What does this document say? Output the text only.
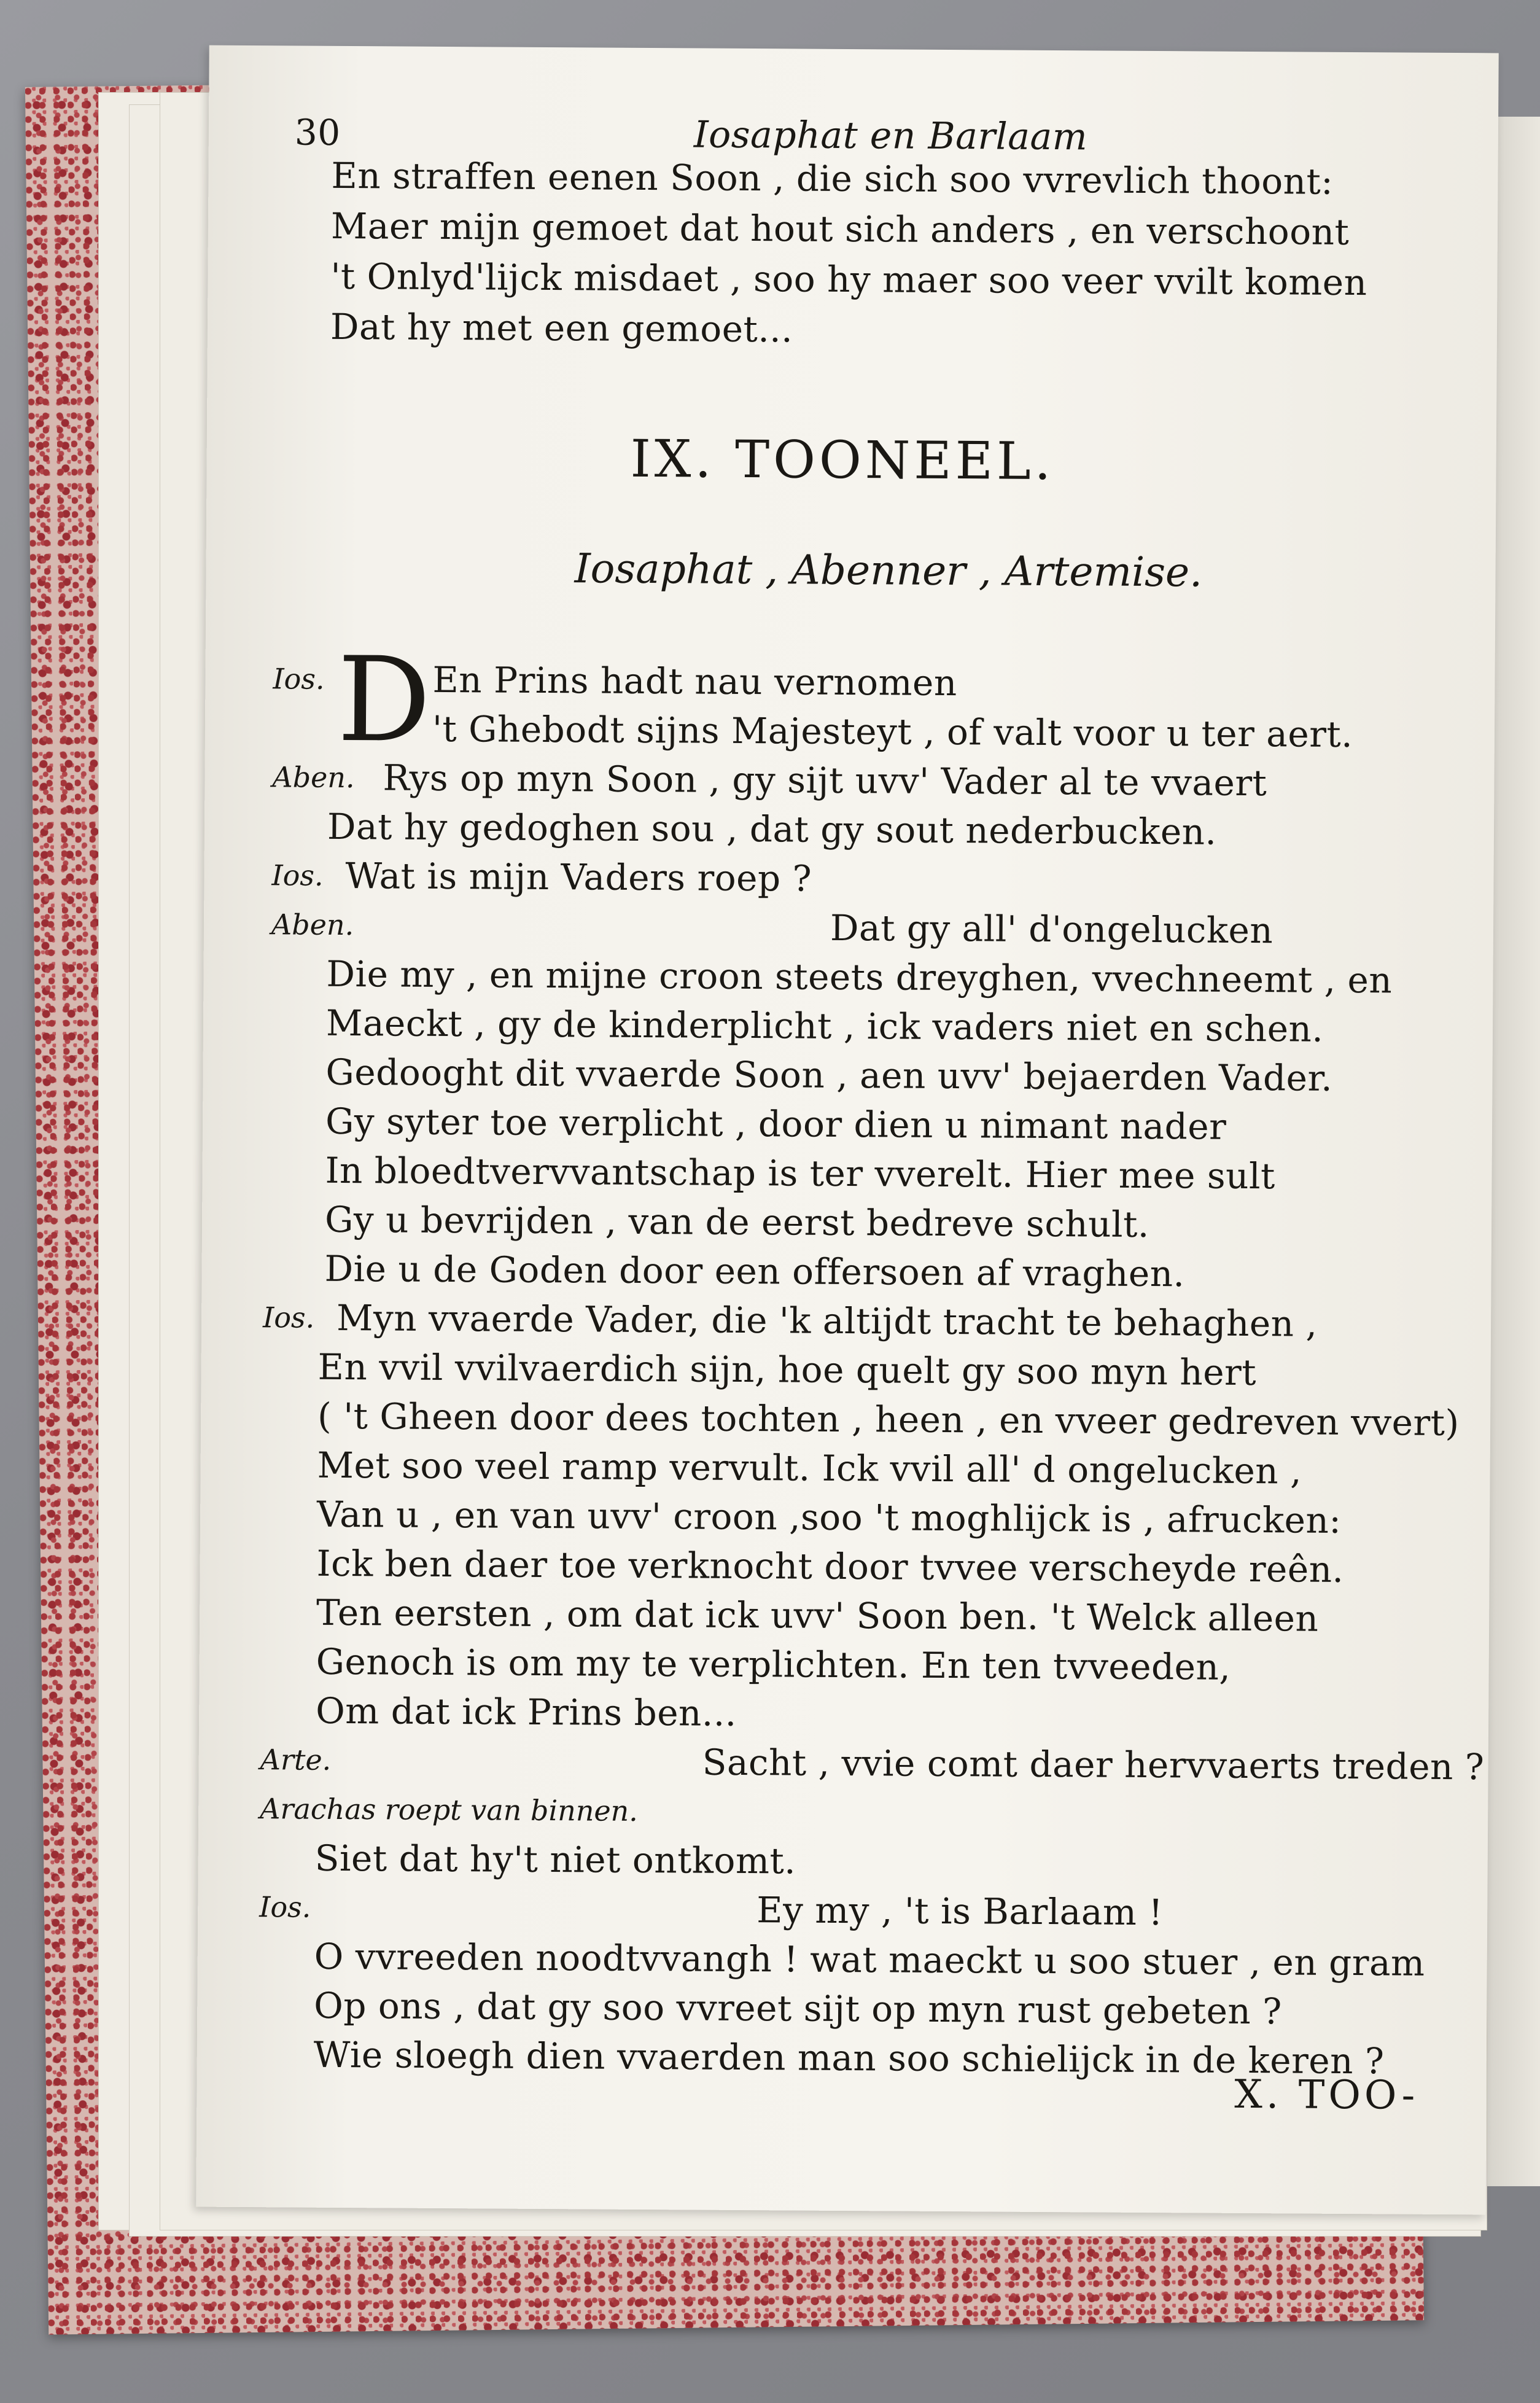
30	Iosaphat en Barlaam
En straffen eenen Soon , die sich soo vvrevlich thoont:
Maer mijn gemoet dat hout sich anders , en verschoont
't Onlyd'lijck misdaet , soo hy maer soo veer vvilt komen
Dat hy met een gemoet...
IX. TOONEEL.
Iosaphat , Abenner , Artemise.
Ios. D En Prins hadt nau vernomen
't Ghebodt sijns Majesteyt , of valt voor u ter aert.
Aben. Rys op myn Soon , gy sijt uvv' Vader al te vvaert
Dat hy gedoghen sou , dat gy sout nederbucken.
Ios. Wat is mijn Vaders roep ?
Aben.	Dat gy all' d'ongelucken
Die my , en mijne croon steets dreyghen, vvechneemt , en
Maeckt , gy de kinderplicht , ick vaders niet en schen.
Gedooght dit vvaerde Soon , aen uvv' bejaerden Vader.
Gy syter toe verplicht , door dien u nimant nader
In bloedtvervvantschap is ter vverelt. Hier mee sult
Gy u bevrijden , van de eerst bedreve schult.
Die u de Goden door een offersoen af vraghen.
Ios. Myn vvaerde Vader, die 'k altijdt tracht te behaghen ,
En vvil vvilvaerdich sijn, hoe quelt gy soo myn hert
( 't Gheen door dees tochten , heen , en vveer gedreven vvert)
Met soo veel ramp vervult. Ick vvil all' d ongelucken ,
Van u , en van uvv' croon ,soo 't moghlijck is , afrucken:
Ick ben daer toe verknocht door tvvee verscheyde reên.
Ten eersten , om dat ick uvv' Soon ben. 't Welck alleen
Genoch is om my te verplichten. En ten tvveeden,
Om dat ick Prins ben...
Arte.	Sacht , vvie comt daer hervvaerts treden ?
Arachas roept van binnen.
Siet dat hy't niet ontkomt.
Ios.	Ey my , 't is Barlaam !
O vvreeden noodtvvangh ! wat maeckt u soo stuer , en gram
Op ons , dat gy soo vvreet sijt op myn rust gebeten ?
Wie sloegh dien vvaerden man soo schielijck in de keren ?
X. TOO-
